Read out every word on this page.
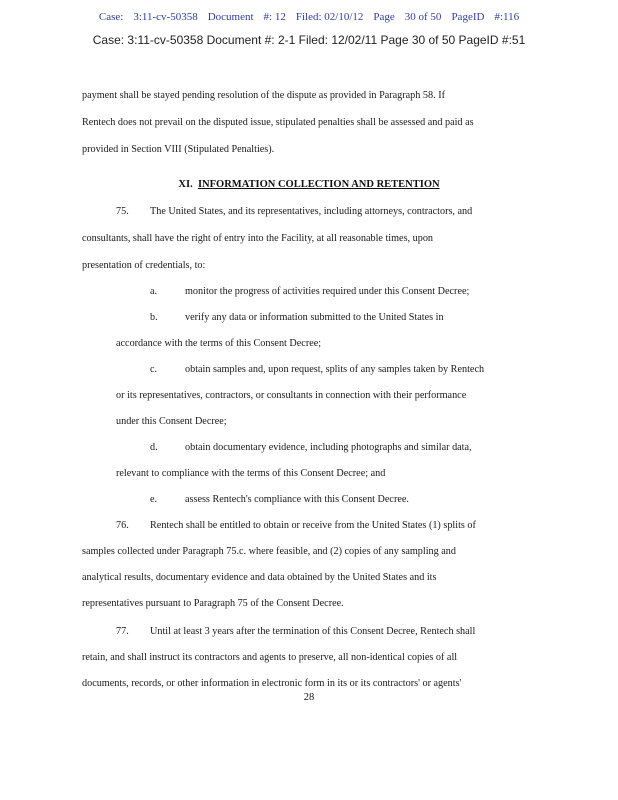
Case: 3:11-cv-50358 Document #: 12 Filed: 02/10/12 Page 30 of 50 PageID #:116
Case: 3:11-cv-50358 Document #: 2-1 Filed: 12/02/11 Page 30 of 50 PageID #:51
payment shall be stayed pending resolution of the dispute as provided in Paragraph 58. If
Rentech does not prevail on the disputed issue, stipulated penalties shall be assessed and paid as
provided in Section VIII (Stipulated Penalties).
XI. INFORMATION COLLECTION AND RETENTION
75. The United States, and its representatives, including attorneys, contractors, and
consultants, shall have the right of entry into the Facility, at all reasonable times, upon
presentation of credentials, to:
a.	monitor the progress of activities required under this Consent Decree;
b.	verify any data or information submitted to the United States in
accordance with the terms of this Consent Decree;
c.	obtain samples and, upon request, splits of any samples taken by Rentech
or its representatives, contractors, or consultants in connection with their performance
under this Consent Decree;
d.	obtain documentary evidence, including photographs and similar data,
relevant to compliance with the terms of this Consent Decree; and
e.	assess Rentech's compliance with this Consent Decree.
76. Rentech shall be entitled to obtain or receive from the United States (1) splits of
samples collected under Paragraph 75.c. where feasible, and (2) copies of any sampling and
analytical results, documentary evidence and data obtained by the United States and its
representatives pursuant to Paragraph 75 of the Consent Decree.
77. Until at least 3 years after the termination of this Consent Decree, Rentech shall
retain, and shall instruct its contractors and agents to preserve, all non-identical copies of all
documents, records, or other information in electronic form in its or its contractors' or agents'
28
